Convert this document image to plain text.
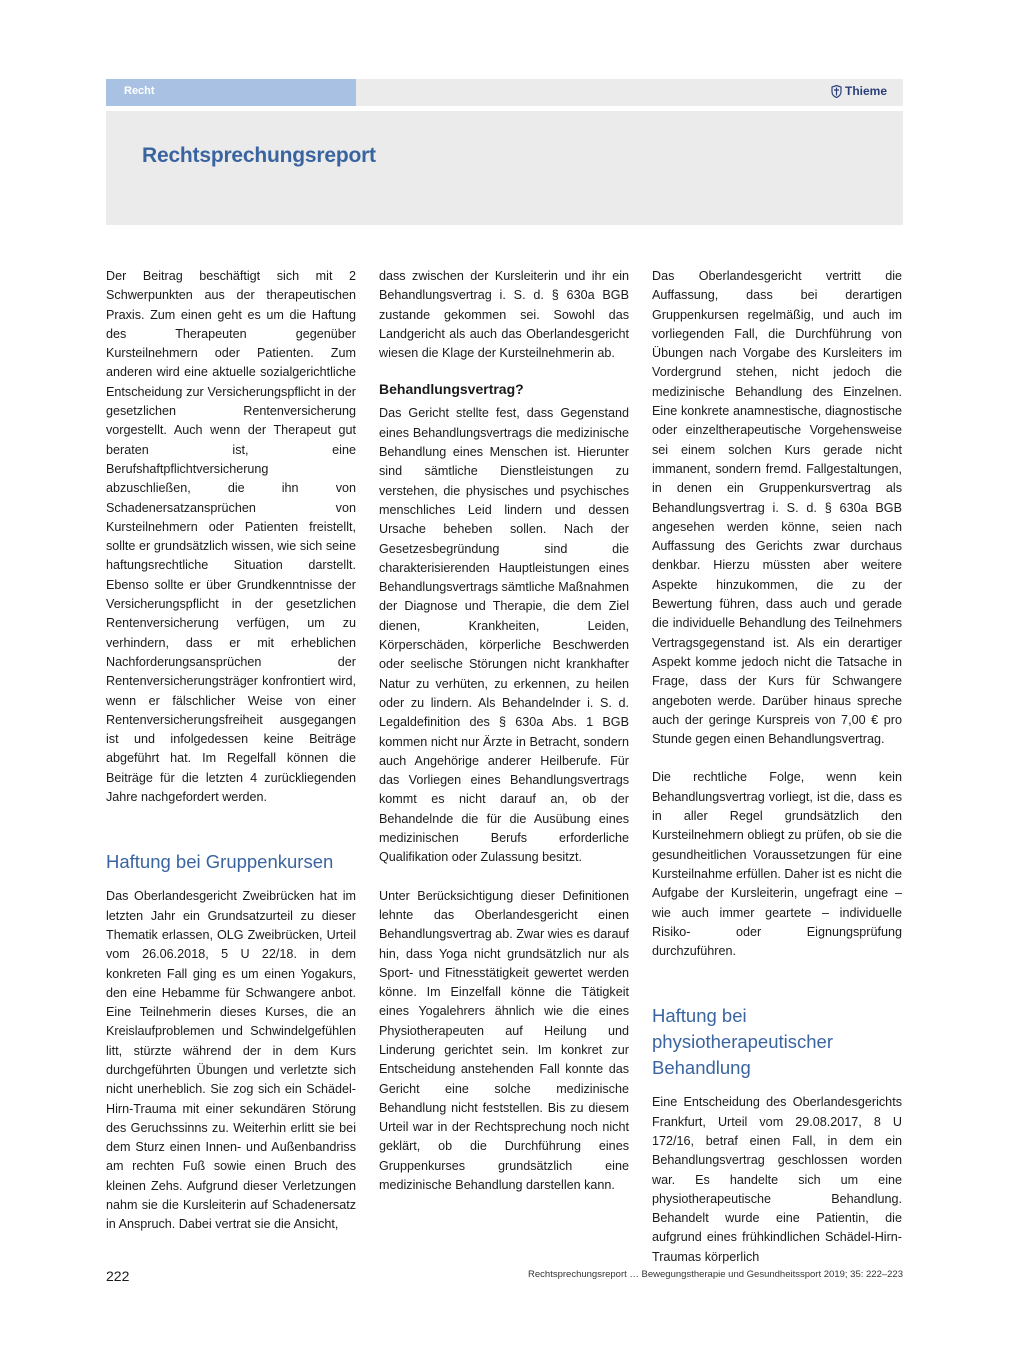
Recht	Thieme
Rechtsprechungsreport

Der Beitrag beschäftigt sich mit 2 Schwerpunkten aus der therapeutischen Praxis. Zum einen geht es um die Haftung des Therapeuten gegenüber Kursteilnehmern oder Patienten. Zum anderen wird eine aktuelle sozialgerichtliche Entscheidung zur Versicherungspflicht in der gesetzlichen Rentenversicherung vorgestellt. Auch wenn der Therapeut gut beraten ist, eine Berufshaftpflichtversicherung abzuschließen, die ihn von Schadenersatzansprüchen von Kursteilnehmern oder Patienten freistellt, sollte er grundsätzlich wissen, wie sich seine haftungsrechtliche Situation darstellt. Ebenso sollte er über Grundkenntnisse der Versicherungspflicht in der gesetzlichen Rentenversicherung verfügen, um zu verhindern, dass er mit erheblichen Nachforderungsansprüchen der Rentenversicherungsträger konfrontiert wird, wenn er fälschlicher Weise von einer Rentenversicherungsfreiheit ausgegangen ist und infolgedessen keine Beiträge abgeführt hat. Im Regelfall können die Beiträge für die letzten 4 zurückliegenden Jahre nachgefordert werden.

Haftung bei Gruppenkursen

Das Oberlandesgericht Zweibrücken hat im letzten Jahr ein Grundsatzurteil zu dieser Thematik erlassen, OLG Zweibrücken, Urteil vom 26.06.2018, 5 U 22/18. in dem konkreten Fall ging es um einen Yogakurs, den eine Hebamme für Schwangere anbot. Eine Teilnehmerin dieses Kurses, die an Kreislaufproblemen und Schwindelgefühlen litt, stürzte während der in dem Kurs durchgeführten Übungen und verletzte sich nicht unerheblich. Sie zog sich ein Schädel-Hirn-Trauma mit einer sekundären Störung des Geruchssinns zu. Weiterhin erlitt sie bei dem Sturz einen Innen- und Außenbandriss am rechten Fuß sowie einen Bruch des kleinen Zehs. Aufgrund dieser Verletzungen nahm sie die Kursleiterin auf Schadenersatz in Anspruch. Dabei vertrat sie die Ansicht,

dass zwischen der Kursleiterin und ihr ein Behandlungsvertrag i. S. d. § 630a BGB zustande gekommen sei. Sowohl das Landgericht als auch das Oberlandesgericht wiesen die Klage der Kursteilnehmerin ab.

Behandlungsvertrag?

Das Gericht stellte fest, dass Gegenstand eines Behandlungsvertrags die medizinische Behandlung eines Menschen ist. Hierunter sind sämtliche Dienstleistungen zu verstehen, die physisches und psychisches menschliches Leid lindern und dessen Ursache beheben sollen. Nach der Gesetzesbegründung sind die charakterisierenden Hauptleistungen eines Behandlungsvertrags sämtliche Maßnahmen der Diagnose und Therapie, die dem Ziel dienen, Krankheiten, Leiden, Körperschäden, körperliche Beschwerden oder seelische Störungen nicht krankhafter Natur zu verhüten, zu erkennen, zu heilen oder zu lindern. Als Behandelnder i. S. d. Legaldefinition des § 630a Abs. 1 BGB kommen nicht nur Ärzte in Betracht, sondern auch Angehörige anderer Heilberufe. Für das Vorliegen eines Behandlungsvertrags kommt es nicht darauf an, ob der Behandelnde die für die Ausübung eines medizinischen Berufs erforderliche Qualifikation oder Zulassung besitzt.

Unter Berücksichtigung dieser Definitionen lehnte das Oberlandesgericht einen Behandlungsvertrag ab. Zwar wies es darauf hin, dass Yoga nicht grundsätzlich nur als Sport- und Fitnesstätigkeit gewertet werden könne. Im Einzelfall könne die Tätigkeit eines Yogalehrers ähnlich wie die eines Physiotherapeuten auf Heilung und Linderung gerichtet sein. Im konkret zur Entscheidung anstehenden Fall konnte das Gericht eine solche medizinische Behandlung nicht feststellen. Bis zu diesem Urteil war in der Rechtsprechung noch nicht geklärt, ob die Durchführung eines Gruppenkurses grundsätzlich eine medizinische Behandlung darstellen kann.

Das Oberlandesgericht vertritt die Auffassung, dass bei derartigen Gruppenkursen regelmäßig, und auch im vorliegenden Fall, die Durchführung von Übungen nach Vorgabe des Kursleiters im Vordergrund stehen, nicht jedoch die medizinische Behandlung des Einzelnen. Eine konkrete anamnestische, diagnostische oder einzeltherapeutische Vorgehensweise sei einem solchen Kurs gerade nicht immanent, sondern fremd. Fallgestaltungen, in denen ein Gruppenkursvertrag als Behandlungsvertrag i. S. d. § 630a BGB angesehen werden könne, seien nach Auffassung des Gerichts zwar durchaus denkbar. Hierzu müssten aber weitere Aspekte hinzukommen, die zu der Bewertung führen, dass auch und gerade die individuelle Behandlung des Teilnehmers Vertragsgegenstand ist. Als ein derartiger Aspekt komme jedoch nicht die Tatsache in Frage, dass der Kurs für Schwangere angeboten werde. Darüber hinaus spreche auch der geringe Kurspreis von 7,00 € pro Stunde gegen einen Behandlungsvertrag.

Die rechtliche Folge, wenn kein Behandlungsvertrag vorliegt, ist die, dass es in aller Regel grundsätzlich den Kursteilnehmern obliegt zu prüfen, ob sie die gesundheitlichen Voraussetzungen für eine Kursteilnahme erfüllen. Daher ist es nicht die Aufgabe der Kursleiterin, ungefragt eine – wie auch immer geartete – individuelle Risiko- oder Eignungsprüfung durchzuführen.

Haftung bei physiotherapeutischer Behandlung

Eine Entscheidung des Oberlandesgerichts Frankfurt, Urteil vom 29.08.2017, 8 U 172/16, betraf einen Fall, in dem ein Behandlungsvertrag geschlossen worden war. Es handelte sich um eine physiotherapeutische Behandlung. Behandelt wurde eine Patientin, die aufgrund eines frühkindlichen Schädel-Hirn-Traumas körperlich

222	Rechtsprechungsreport … Bewegungstherapie und Gesundheitssport 2019; 35: 222–223
